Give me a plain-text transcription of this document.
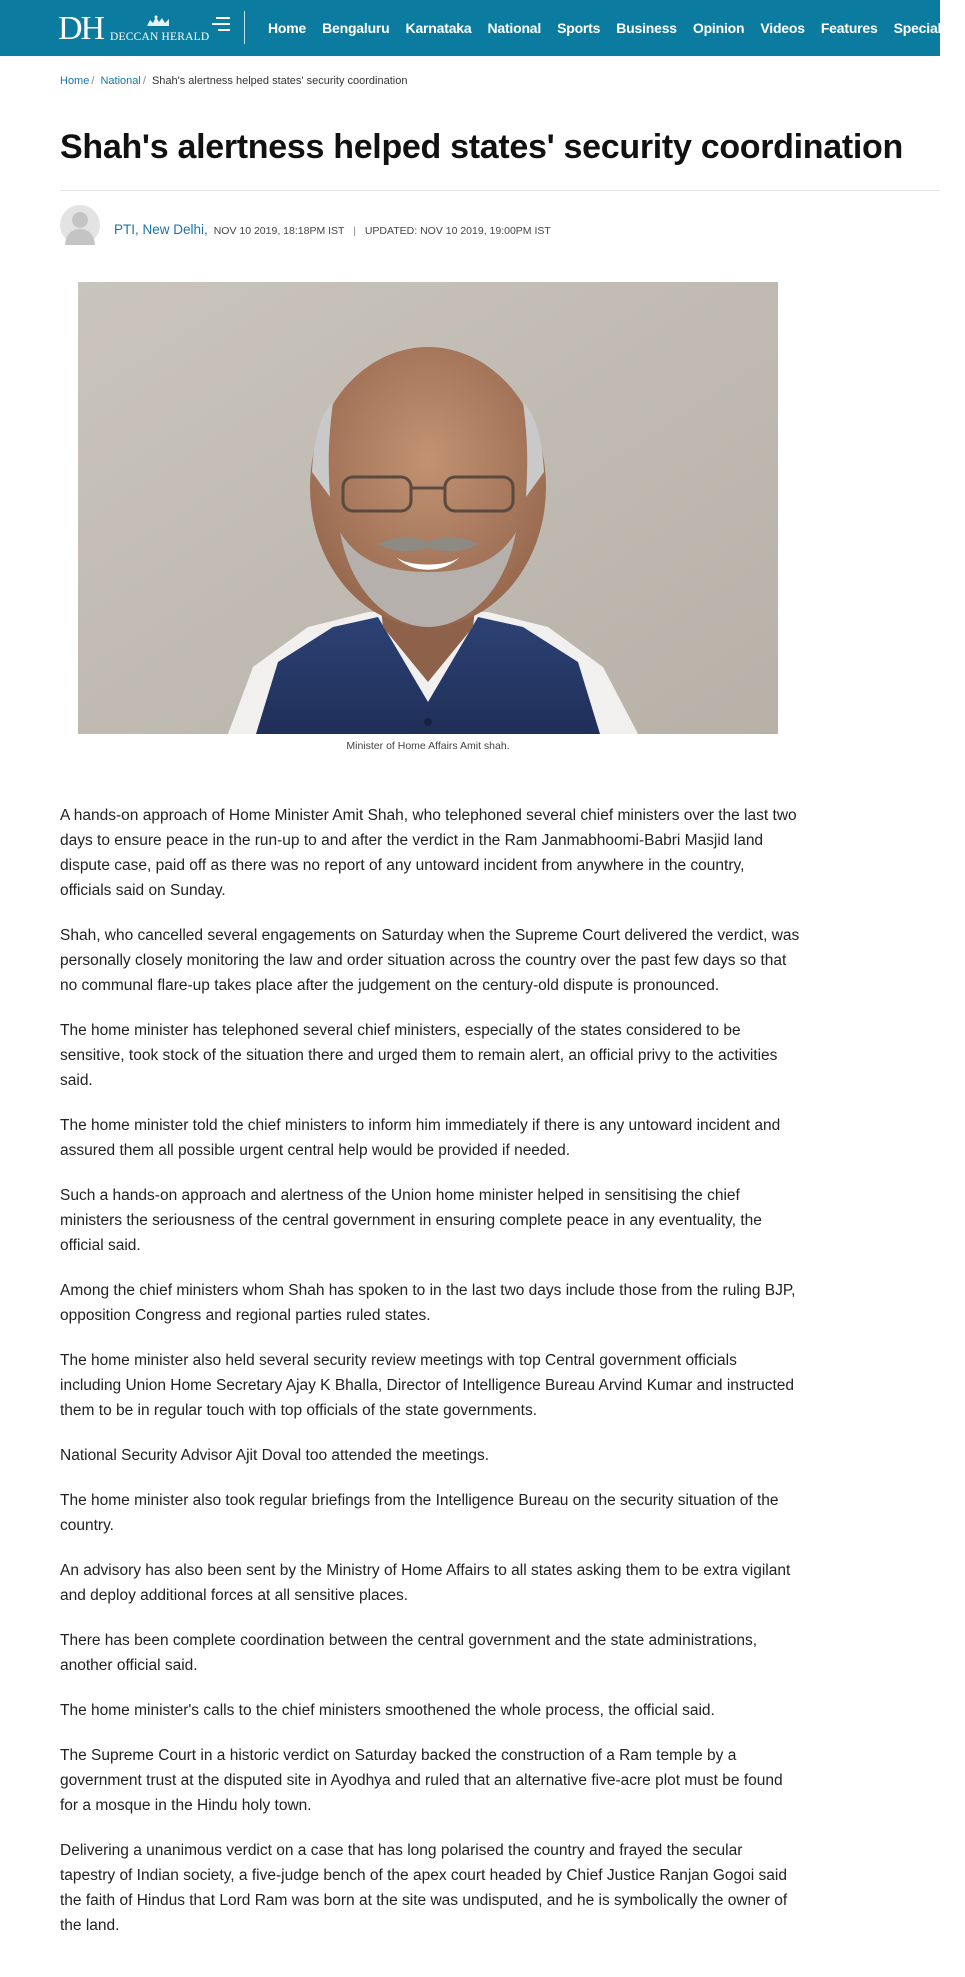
DH DECCAN HERALD
Home Bengaluru Karnataka National Sports Business Opinion Videos Features Specials
Home / National / Shah's alertness helped states' security coordination
Shah's alertness helped states' security coordination
PTI, New Delhi, NOV 10 2019, 18:18PM IST | UPDATED: NOV 10 2019, 19:00PM IST
Minister of Home Affairs Amit shah.

A hands-on approach of Home Minister Amit Shah, who telephoned several chief ministers over the last two days to ensure peace in the run-up to and after the verdict in the Ram Janmabhoomi-Babri Masjid land dispute case, paid off as there was no report of any untoward incident from anywhere in the country, officials said on Sunday.

Shah, who cancelled several engagements on Saturday when the Supreme Court delivered the verdict, was personally closely monitoring the law and order situation across the country over the past few days so that no communal flare-up takes place after the judgement on the century-old dispute is pronounced.

The home minister has telephoned several chief ministers, especially of the states considered to be sensitive, took stock of the situation there and urged them to remain alert, an official privy to the activities said.

The home minister told the chief ministers to inform him immediately if there is any untoward incident and assured them all possible urgent central help would be provided if needed.

Such a hands-on approach and alertness of the Union home minister helped in sensitising the chief ministers the seriousness of the central government in ensuring complete peace in any eventuality, the official said.

Among the chief ministers whom Shah has spoken to in the last two days include those from the ruling BJP, opposition Congress and regional parties ruled states.

The home minister also held several security review meetings with top Central government officials including Union Home Secretary Ajay K Bhalla, Director of Intelligence Bureau Arvind Kumar and instructed them to be in regular touch with top officials of the state governments.

National Security Advisor Ajit Doval too attended the meetings.

The home minister also took regular briefings from the Intelligence Bureau on the security situation of the country.

An advisory has also been sent by the Ministry of Home Affairs to all states asking them to be extra vigilant and deploy additional forces at all sensitive places.

There has been complete coordination between the central government and the state administrations, another official said.

The home minister's calls to the chief ministers smoothened the whole process, the official said.

The Supreme Court in a historic verdict on Saturday backed the construction of a Ram temple by a government trust at the disputed site in Ayodhya and ruled that an alternative five-acre plot must be found for a mosque in the Hindu holy town.

Delivering a unanimous verdict on a case that has long polarised the country and frayed the secular tapestry of Indian society, a five-judge bench of the apex court headed by Chief Justice Ranjan Gogoi said the faith of Hindus that Lord Ram was born at the site was undisputed, and he is symbolically the owner of the land.
